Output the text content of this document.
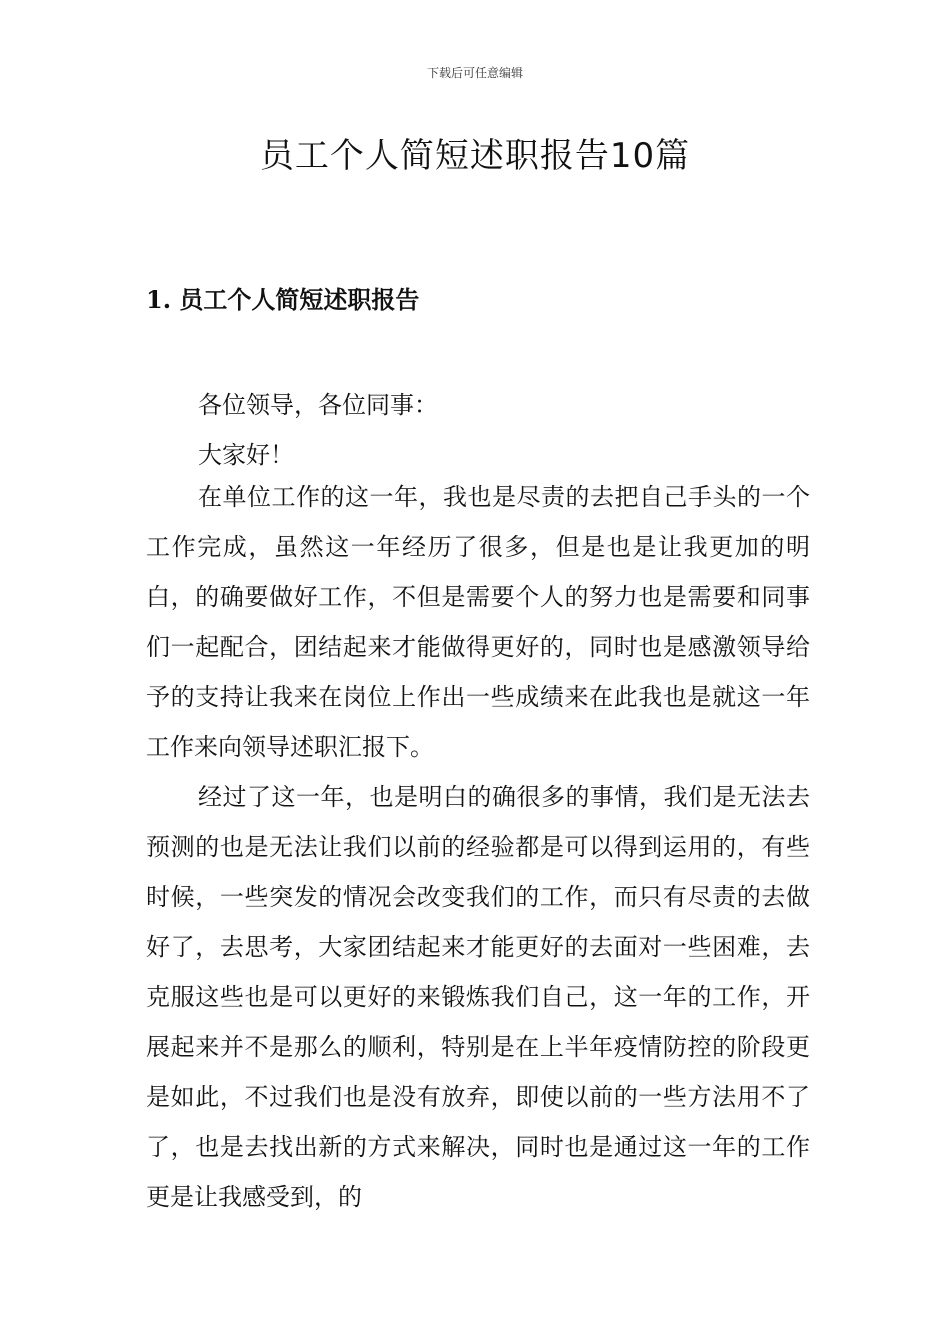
下载后可任意编辑
员工个人简短述职报告10篇
1. 员工个人简短述职报告
各位领导，各位同事：
大家好！

在单位工作的这一年，我也是尽责的去把自己手头的一个工作完成，虽然这一年经历了很多，但是也是让我更加的明白，的确要做好工作，不但是需要个人的努力也是需要和同事们一起配合，团结起来才能做得更好的，同时也是感激领导给予的支持让我来在岗位上作出一些成绩来在此我也是就这一年工作来向领导述职汇报下。

经过了这一年，也是明白的确很多的事情，我们是无法去预测的也是无法让我们以前的经验都是可以得到运用的，有些时候，一些突发的情况会改变我们的工作，而只有尽责的去做好了，去思考，大家团结起来才能更好的去面对一些困难，去克服这些也是可以更好的来锻炼我们自己，这一年的工作，开展起来并不是那么的顺利，特别是在上半年疫情防控的阶段更是如此，不过我们也是没有放弃，即使以前的一些方法用不了了，也是去找出新的方式来解决，同时也是通过这一年的工作更是让我感受到，的
